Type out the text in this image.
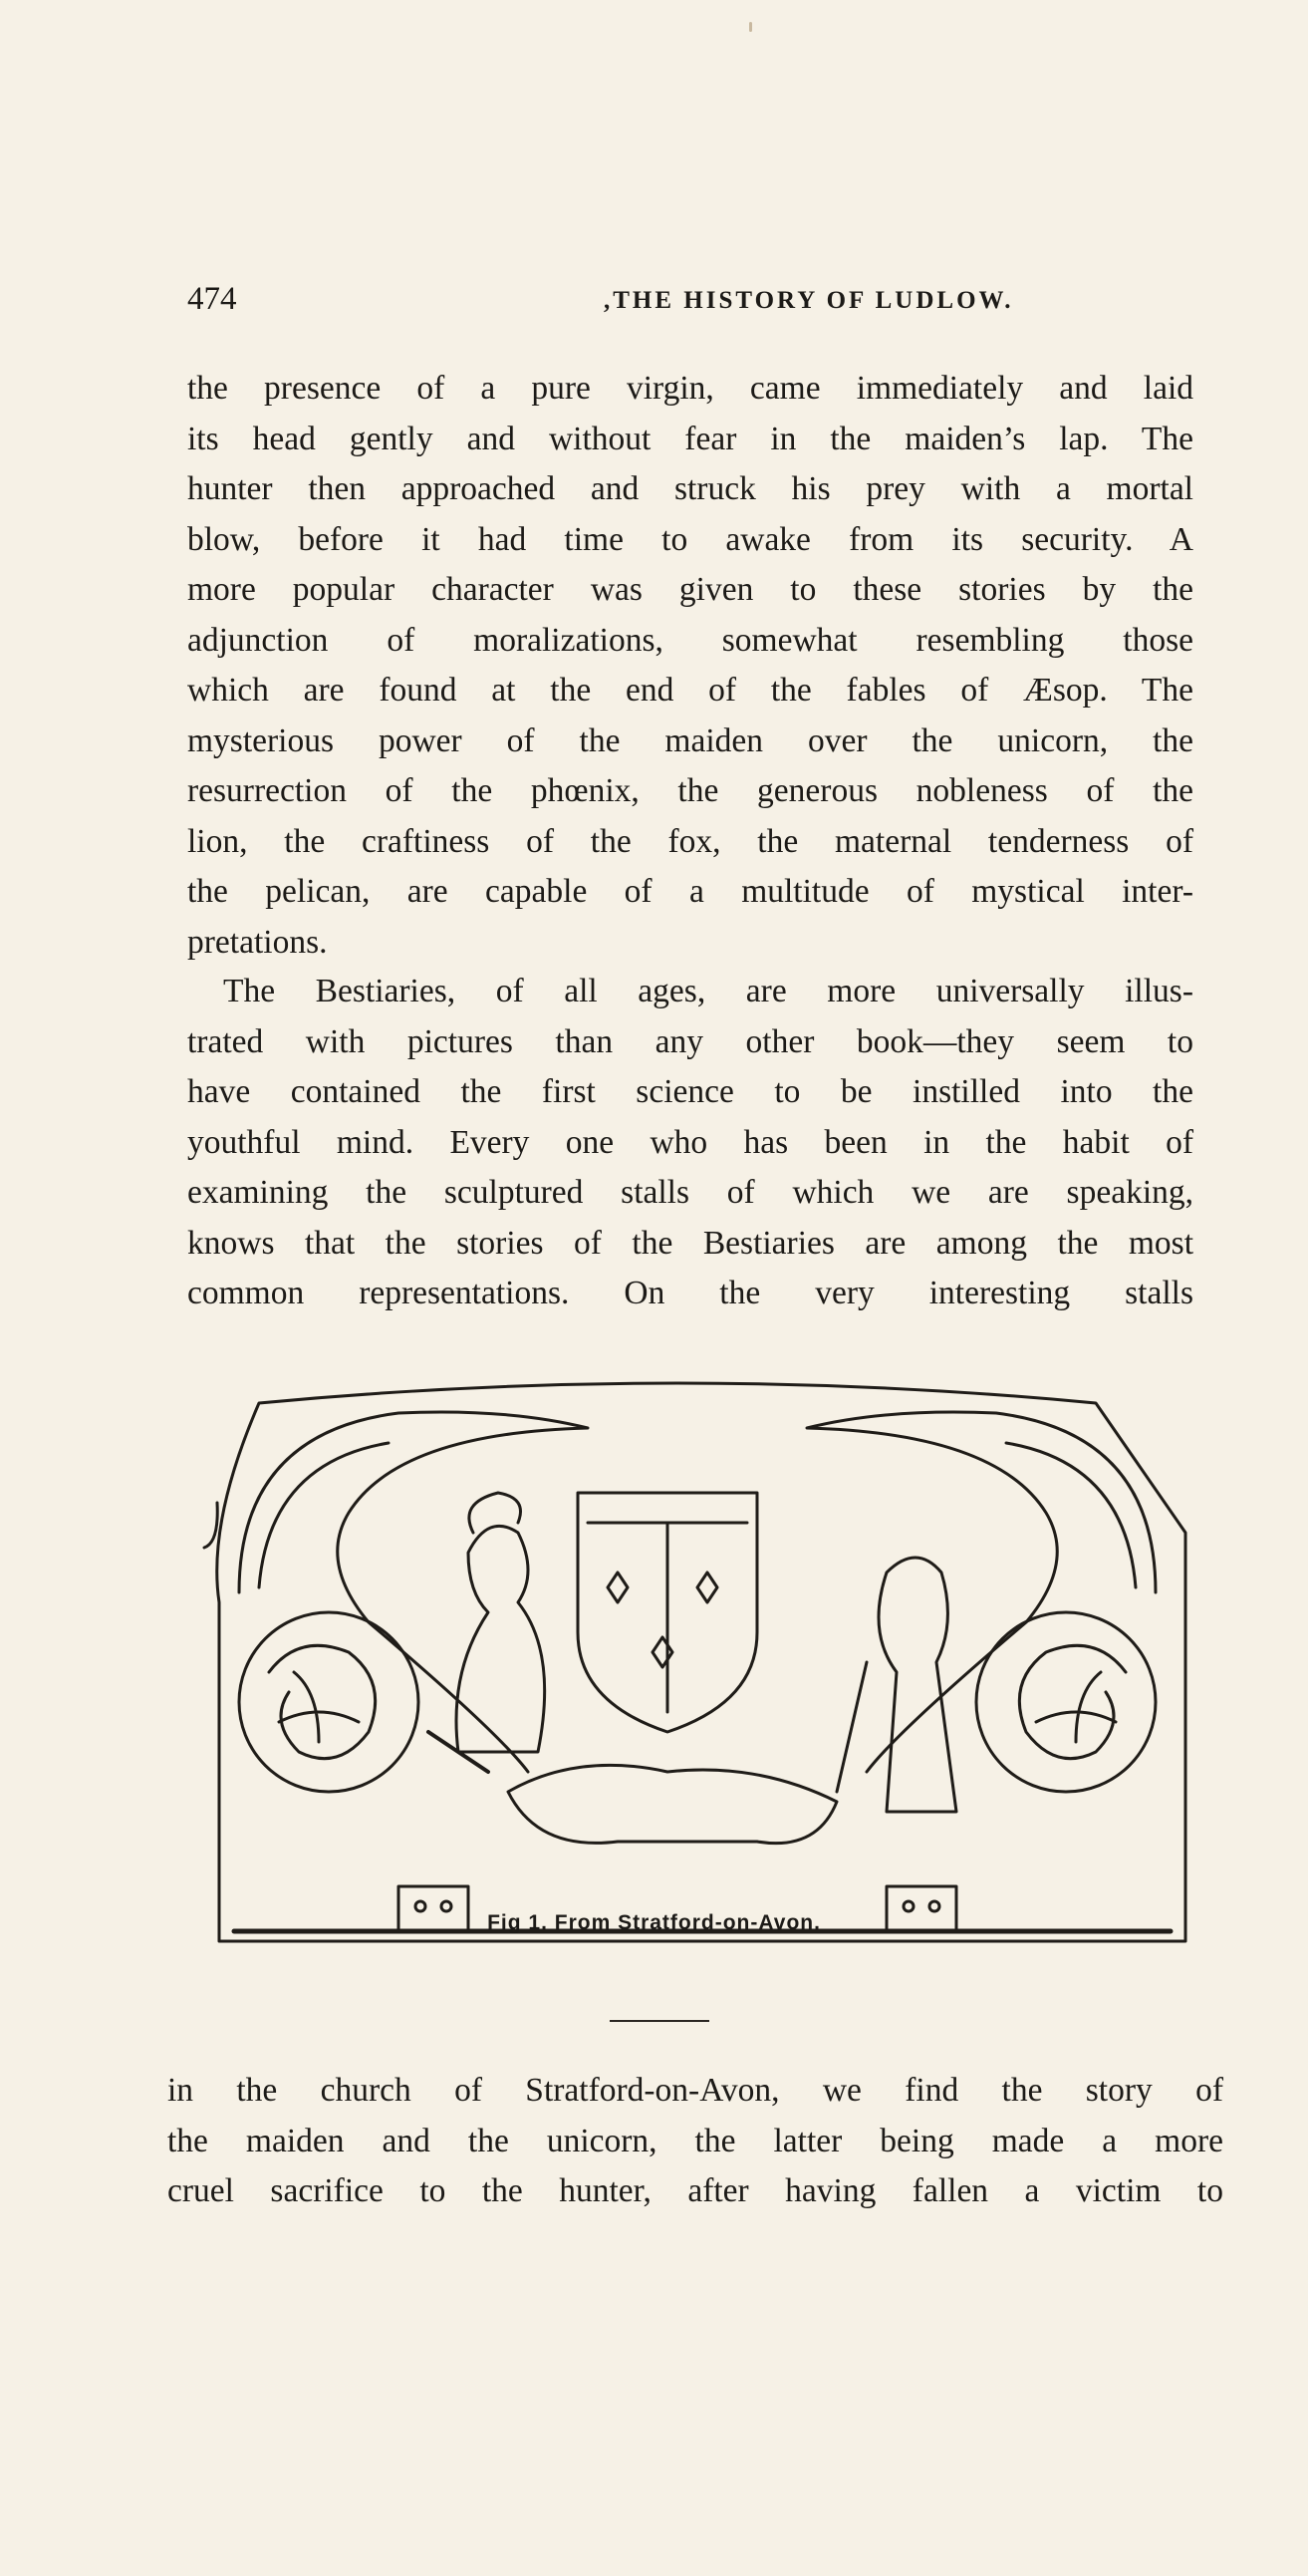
474	,THE HISTORY OF LUDLOW.

the presence of a pure virgin, came immediately and laid
its head gently and without fear in the maiden’s lap. The
hunter then approached and struck his prey with a mortal
blow, before it had time to awake from its security. A
more popular character was given to these stories by the
adjunction of moralizations, somewhat resembling those
which are found at the end of the fables of Æsop. The
mysterious power of the maiden over the unicorn, the
resurrection of the phœnix, the generous nobleness of the
lion, the craftiness of the fox, the maternal tenderness of
the pelican, are capable of a multitude of mystical inter-
pretations.

The Bestiaries, of all ages, are more universally illus-
trated with pictures than any other book—they seem to
have contained the first science to be instilled into the
youthful mind. Every one who has been in the habit of
examining the sculptured stalls of which we are speaking,
knows that the stories of the Bestiaries are among the most
common representations. On the very interesting stalls

Fig 1. From Stratford-on-Avon.

in the church of Stratford-on-Avon, we find the story of
the maiden and the unicorn, the latter being made a more
cruel sacrifice to the hunter, after having fallen a victim to
